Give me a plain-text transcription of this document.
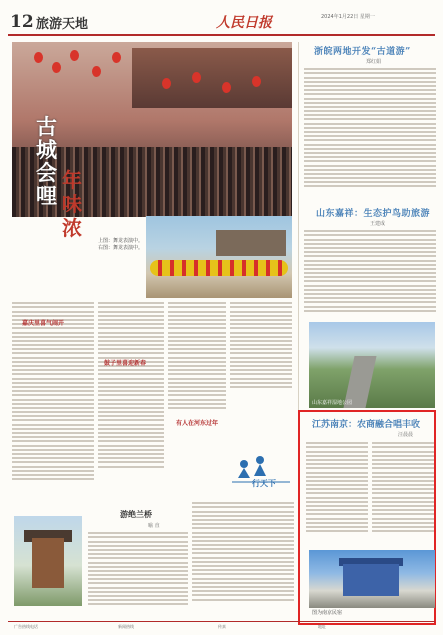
12 旅游天地	人民日报	2024年1月22日 星期一
古城会哩
年味浓
上图：舞龙表演中。 右图：舞龙表演中。
嘉庆里喜气闹开
鼓子里喜迎新春
有人在河东过年
行天下
游绝兰桥
喻 直
浙皖两地开发“古道游”
郑红娟
山东嘉祥：生态护鸟助旅游
王建成
山东嘉祥湿地公园
江苏南京：农商融合唱丰收
汪晨晨
图为南京民宿
广告热线电话	新闻热线	传真	地址
